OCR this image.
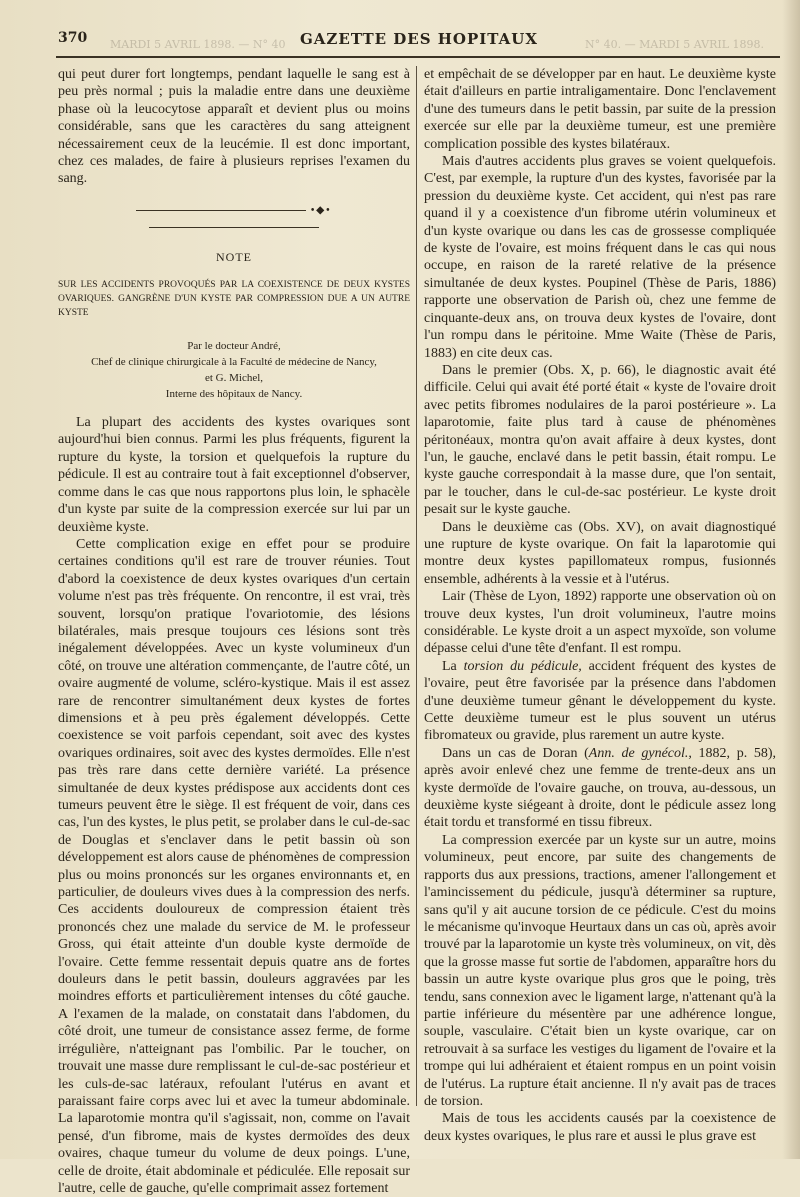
MARDI 5 AVRIL 1898. — N° 40	N° 40. — MARDI 5 AVRIL 1898.
370	GAZETTE DES HOPITAUX

qui peut durer fort longtemps, pendant laquelle le sang est à peu près normal ; puis la maladie entre dans une deuxième phase où la leucocytose apparaît et devient plus ou moins considérable, sans que les caractères du sang atteignent nécessairement ceux de la leucémie. Il est donc important, chez ces malades, de faire à plusieurs reprises l'examen du sang.

•◆•
NOTE
SUR LES ACCIDENTS PROVOQUÉS PAR LA COEXISTENCE DE DEUX KYSTES OVARIQUES. GANGRÈNE D'UN KYSTE PAR COMPRESSION DUE A UN AUTRE KYSTE
Par le docteur André,
Chef de clinique chirurgicale à la Faculté de médecine de Nancy,
et G. Michel,
Interne des hôpitaux de Nancy.

La plupart des accidents des kystes ovariques sont aujourd'hui bien connus. Parmi les plus fréquents, figurent la rupture du kyste, la torsion et quelquefois la rupture du pédicule. Il est au contraire tout à fait exceptionnel d'observer, comme dans le cas que nous rapportons plus loin, le sphacèle d'un kyste par suite de la compression exercée sur lui par un deuxième kyste.

Cette complication exige en effet pour se produire certaines conditions qu'il est rare de trouver réunies. Tout d'abord la coexistence de deux kystes ovariques d'un certain volume n'est pas très fréquente. On rencontre, il est vrai, très souvent, lorsqu'on pratique l'ovariotomie, des lésions bilatérales, mais presque toujours ces lésions sont très inégalement développées. Avec un kyste volumineux d'un côté, on trouve une altération commençante, de l'autre côté, un ovaire augmenté de volume, scléro-kystique. Mais il est assez rare de rencontrer simultanément deux kystes de fortes dimensions et à peu près également développés. Cette coexistence se voit parfois cependant, soit avec des kystes ovariques ordinaires, soit avec des kystes dermoïdes. Elle n'est pas très rare dans cette dernière variété. La présence simultanée de deux kystes prédispose aux accidents dont ces tumeurs peuvent être le siège. Il est fréquent de voir, dans ces cas, l'un des kystes, le plus petit, se prolaber dans le cul-de-sac de Douglas et s'enclaver dans le petit bassin où son développement est alors cause de phénomènes de compression plus ou moins prononcés sur les organes environnants et, en particulier, de douleurs vives dues à la compression des nerfs. Ces accidents douloureux de compression étaient très prononcés chez une malade du service de M. le professeur Gross, qui était atteinte d'un double kyste dermoïde de l'ovaire. Cette femme ressentait depuis quatre ans de fortes douleurs dans le petit bassin, douleurs aggravées par les moindres efforts et particulièrement intenses du côté gauche. A l'examen de la malade, on constatait dans l'abdomen, du côté droit, une tumeur de consistance assez ferme, de forme irrégulière, n'atteignant pas l'ombilic. Par le toucher, on trouvait une masse dure remplissant le cul-de-sac postérieur et les culs-de-sac latéraux, refoulant l'utérus en avant et paraissant faire corps avec lui et avec la tumeur abdominale. La laparotomie montra qu'il s'agissait, non, comme on l'avait pensé, d'un fibrome, mais de kystes dermoïdes des deux ovaires, chaque tumeur du volume de deux poings. L'une, celle de droite, était abdominale et pédiculée. Elle reposait sur l'autre, celle de gauche, qu'elle comprimait assez fortement

et empêchait de se développer par en haut. Le deuxième kyste était d'ailleurs en partie intraligamentaire. Donc l'enclavement d'une des tumeurs dans le petit bassin, par suite de la pression exercée sur elle par la deuxième tumeur, est une première complication possible des kystes bilatéraux.

Mais d'autres accidents plus graves se voient quelquefois. C'est, par exemple, la rupture d'un des kystes, favorisée par la pression du deuxième kyste. Cet accident, qui n'est pas rare quand il y a coexistence d'un fibrome utérin volumineux et d'un kyste ovarique ou dans les cas de grossesse compliquée de kyste de l'ovaire, est moins fréquent dans le cas qui nous occupe, en raison de la rareté relative de la présence simultanée de deux kystes. Poupinel (Thèse de Paris, 1886) rapporte une observation de Parish où, chez une femme de cinquante-deux ans, on trouva deux kystes de l'ovaire, dont l'un rompu dans le péritoine. Mme Waite (Thèse de Paris, 1883) en cite deux cas.

Dans le premier (Obs. X, p. 66), le diagnostic avait été difficile. Celui qui avait été porté était « kyste de l'ovaire droit avec petits fibromes nodulaires de la paroi postérieure ». La laparotomie, faite plus tard à cause de phénomènes péritonéaux, montra qu'on avait affaire à deux kystes, dont l'un, le gauche, enclavé dans le petit bassin, était rompu. Le kyste gauche correspondait à la masse dure, que l'on sentait, par le toucher, dans le cul-de-sac postérieur. Le kyste droit pesait sur le kyste gauche.

Dans le deuxième cas (Obs. XV), on avait diagnostiqué une rupture de kyste ovarique. On fait la laparotomie qui montre deux kystes papillomateux rompus, fusionnés ensemble, adhérents à la vessie et à l'utérus.

Lair (Thèse de Lyon, 1892) rapporte une observation où on trouve deux kystes, l'un droit volumineux, l'autre moins considérable. Le kyste droit a un aspect myxoïde, son volume dépasse celui d'une tête d'enfant. Il est rompu.

La torsion du pédicule, accident fréquent des kystes de l'ovaire, peut être favorisée par la présence dans l'abdomen d'une deuxième tumeur gênant le développement du kyste. Cette deuxième tumeur est le plus souvent un utérus fibromateux ou gravide, plus rarement un autre kyste.

Dans un cas de Doran (Ann. de gynécol., 1882, p. 58), après avoir enlevé chez une femme de trente-deux ans un kyste dermoïde de l'ovaire gauche, on trouva, au-dessous, un deuxième kyste siégeant à droite, dont le pédicule assez long était tordu et transformé en tissu fibreux.

La compression exercée par un kyste sur un autre, moins volumineux, peut encore, par suite des changements de rapports dus aux pressions, tractions, amener l'allongement et l'amincissement du pédicule, jusqu'à déterminer sa rupture, sans qu'il y ait aucune torsion de ce pédicule. C'est du moins le mécanisme qu'invoque Heurtaux dans un cas où, après avoir trouvé par la laparotomie un kyste très volumineux, on vit, dès que la grosse masse fut sortie de l'abdomen, apparaître hors du bassin un autre kyste ovarique plus gros que le poing, très tendu, sans connexion avec le ligament large, n'attenant qu'à la partie inférieure du mésentère par une adhérence longue, souple, vasculaire. C'était bien un kyste ovarique, car on retrouvait à sa surface les vestiges du ligament de l'ovaire et la trompe qui lui adhéraient et étaient rompus en un point voisin de l'utérus. La rupture était ancienne. Il n'y avait pas de traces de torsion.

Mais de tous les accidents causés par la coexistence de deux kystes ovariques, le plus rare et aussi le plus grave est
